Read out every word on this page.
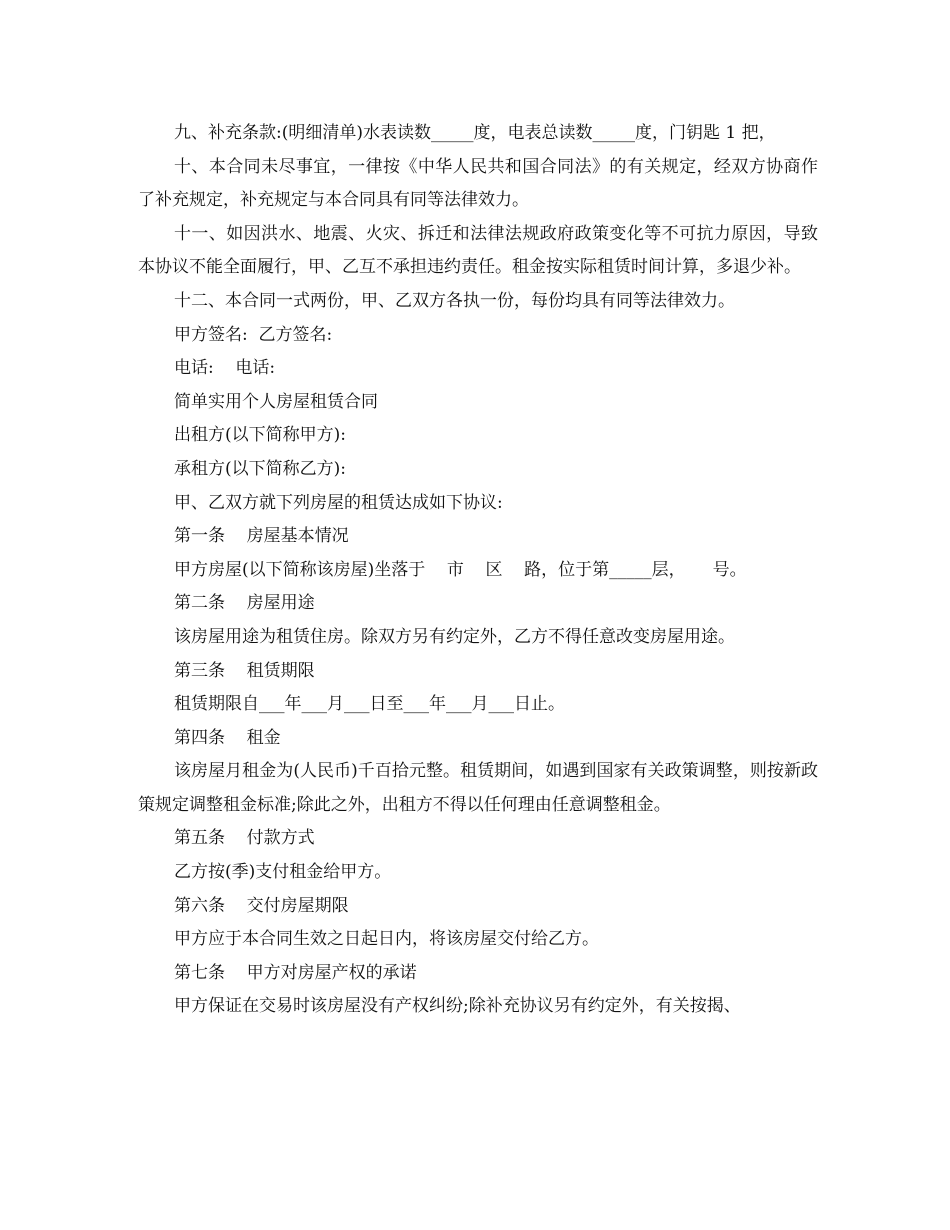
九、补充条款:(明细清单)水表读数_____度，电表总读数_____度，门钥匙 1 把，

十、本合同未尽事宜，一律按《中华人民共和国合同法》的有关规定，经双方协商作了补充规定，补充规定与本合同具有同等法律效力。

十一、如因洪水、地震、火灾、拆迁和法律法规政府政策变化等不可抗力原因，导致本协议不能全面履行，甲、乙互不承担违约责任。租金按实际租赁时间计算，多退少补。

十二、本合同一式两份，甲、乙双方各执一份，每份均具有同等法律效力。

甲方签名:  乙方签名:

电话:    电话:

简单实用个人房屋租赁合同

出租方(以下简称甲方):

承租方(以下简称乙方):

甲、乙双方就下列房屋的租赁达成如下协议:

第一条    房屋基本情况

甲方房屋(以下简称该房屋)坐落于    市    区    路，位于第_____层，     号。

第二条    房屋用途

该房屋用途为租赁住房。除双方另有约定外，乙方不得任意改变房屋用途。

第三条    租赁期限

租赁期限自___年___月___日至___年___月___日止。

第四条    租金

该房屋月租金为(人民币)千百拾元整。租赁期间，如遇到国家有关政策调整，则按新政策规定调整租金标准;除此之外，出租方不得以任何理由任意调整租金。

第五条    付款方式

乙方按(季)支付租金给甲方。

第六条    交付房屋期限

甲方应于本合同生效之日起日内，将该房屋交付给乙方。

第七条    甲方对房屋产权的承诺

甲方保证在交易时该房屋没有产权纠纷;除补充协议另有约定外，有关按揭、
